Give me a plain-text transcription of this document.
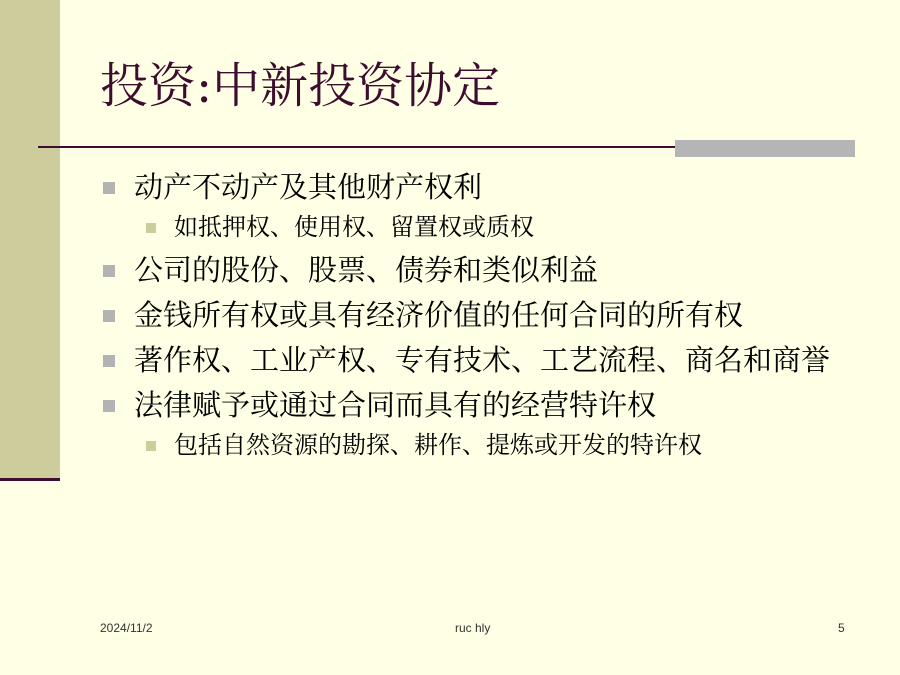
投资:中新投资协定
动产不动产及其他财产权利
如抵押权、使用权、留置权或质权
公司的股份、股票、债券和类似利益
金钱所有权或具有经济价值的任何合同的所有权
著作权、工业产权、专有技术、工艺流程、商名和商誉
法律赋予或通过合同而具有的经营特许权
包括自然资源的勘探、耕作、提炼或开发的特许权
2024/11/2	ruc hly	5
